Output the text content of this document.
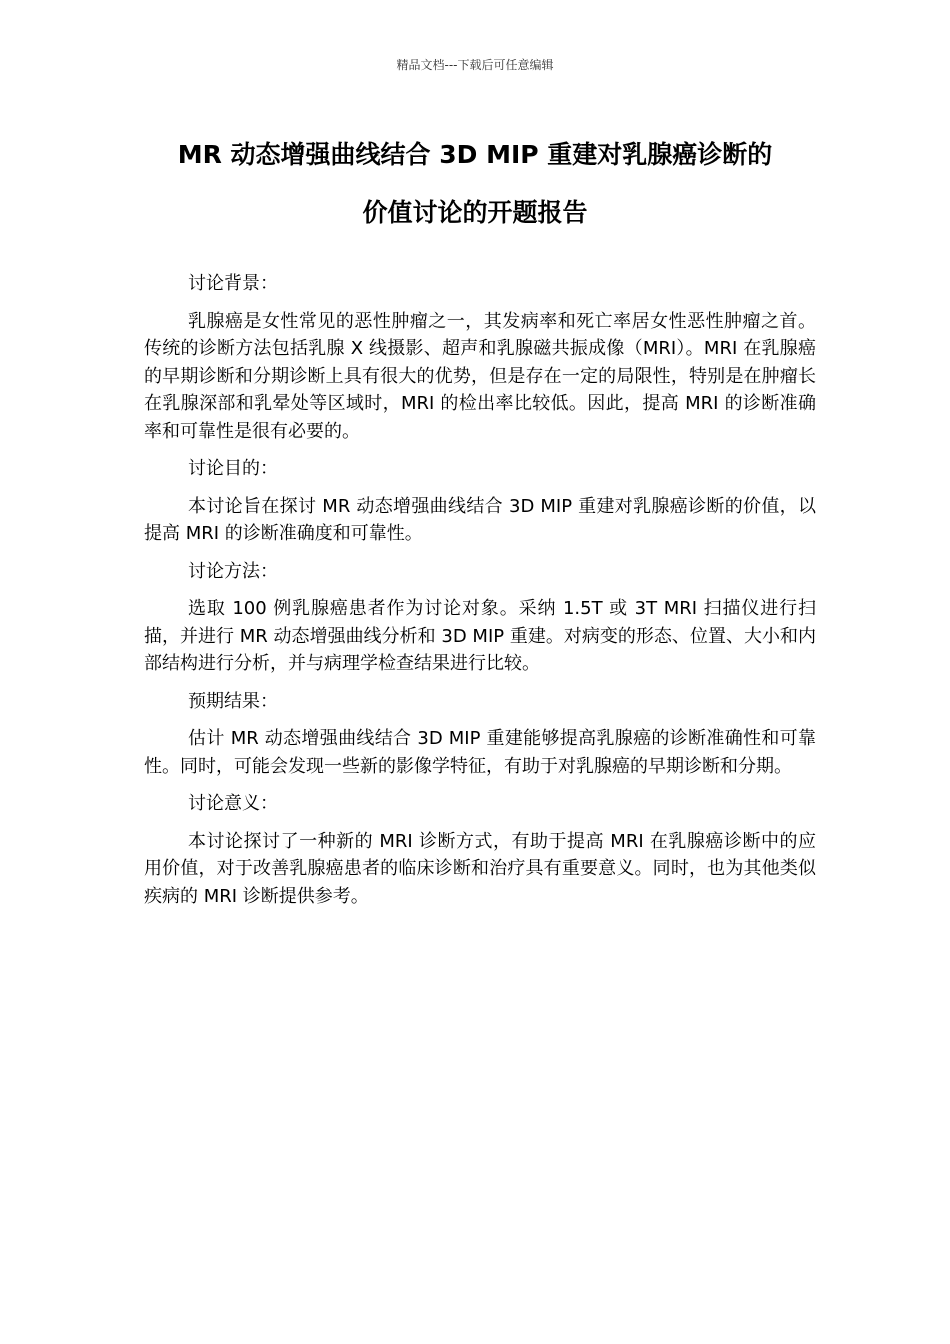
精品文档---下载后可任意编辑
MR 动态增强曲线结合 3D MIP 重建对乳腺癌诊断的
价值讨论的开题报告

讨论背景：

乳腺癌是女性常见的恶性肿瘤之一，其发病率和死亡率居女性恶性肿瘤之首。传统的诊断方法包括乳腺 X 线摄影、超声和乳腺磁共振成像（MRI）。MRI 在乳腺癌的早期诊断和分期诊断上具有很大的优势，但是存在一定的局限性，特别是在肿瘤长在乳腺深部和乳晕处等区域时，MRI 的检出率比较低。因此，提高 MRI 的诊断准确率和可靠性是很有必要的。

讨论目的：

本讨论旨在探讨 MR 动态增强曲线结合 3D MIP 重建对乳腺癌诊断的价值，以提高 MRI 的诊断准确度和可靠性。

讨论方法：

选取 100 例乳腺癌患者作为讨论对象。采纳 1.5T 或 3T MRI 扫描仪进行扫描，并进行 MR 动态增强曲线分析和 3D MIP 重建。对病变的形态、位置、大小和内部结构进行分析，并与病理学检查结果进行比较。

预期结果：

估计 MR 动态增强曲线结合 3D MIP 重建能够提高乳腺癌的诊断准确性和可靠性。同时，可能会发现一些新的影像学特征，有助于对乳腺癌的早期诊断和分期。

讨论意义：

本讨论探讨了一种新的 MRI 诊断方式，有助于提高 MRI 在乳腺癌诊断中的应用价值，对于改善乳腺癌患者的临床诊断和治疗具有重要意义。同时，也为其他类似疾病的 MRI 诊断提供参考。
